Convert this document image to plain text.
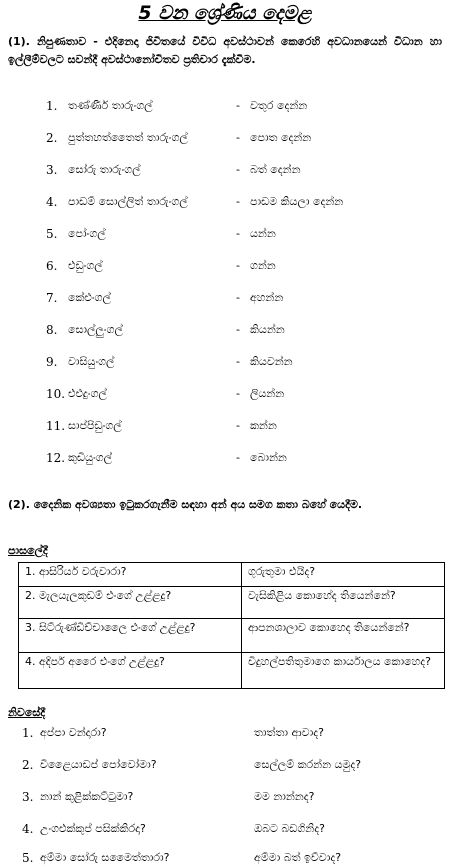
5 වන ශ්‍රේණිය දෙමළ
(1). නිපුණතාව - එදිනෙදා ජිවිතයේ විවිධ අවස්ථාවන් කෙරෙහි අවධානයෙන් විධාන හා ඉල්ලීම්වලට සවන්දී අවස්ථානෝචිතව ප්‍රතිචාර දැක්වීම.
1. තණ්ණීර් තාරුංගල්	- වතුර දෙන්න
2. පුත්තහත්තෛත් තාරුංගල්	- පොත දෙන්න
3. සෝරු තාරුංගල්	- බත් දෙන්න
4. පාඩම් සොල්ලිත් තාරුංගල්	- පාඩම කියලා දෙන්න
5. පෝංගල්	- යන්න
6. එඩුංගල්	- ගන්න
7. කේළුංගල්	- අහන්න
8. සොල්ලුංගල්	- කියන්න
9. වාසියුංගල්	- කියවන්න
10. එළුදුංගල්	- ලියන්න
11. සාප්පිඩුංගල්	- කන්න
12. කුඩියුංගල්	- බොන්න
(2). දෛනික අවශ්‍යතා ඉටුකරගැනීම සඳහා අන් අය සමග කතා බහේ යෙදීම.
පාසලේදී
1. ආසිරියර් වරුවාරා?	ගුරුතුමා එයිද?
2. මැලයැලකුඩම් එංගේ උළ්ළදු?	වැසිකිළිය කොහේද තියෙන්නේ?
3. සිට්රුණ්ඩිච්චාලෛ එංගේ උළ්ළදු?	ආපනශාලාව කොහෙද තියෙන්නේ?
4. අදිපර් අරෛ එංගේ උළ්ළදු?	විදුහල්පතිතුමාගෙ කාර්යාලය කොහෙද?
නිවසේදී
1. අප්පා වන්දාරා?	තාත්තා ආවාද?
2. විළෛයාඩප් පෝවෝමා?	සෙල්ලම් කරන්න යමුද?
3. නාන් කුළික්කට්ටුමා?	මම නාන්නද?
4. උංගළුක්කුප් පසික්කිරදා?	ඔබට බඩගිනිද?
5. අම්මා සෝරු සමෛත්තාරා?	අම්මා බත් ඉව්වාද?
